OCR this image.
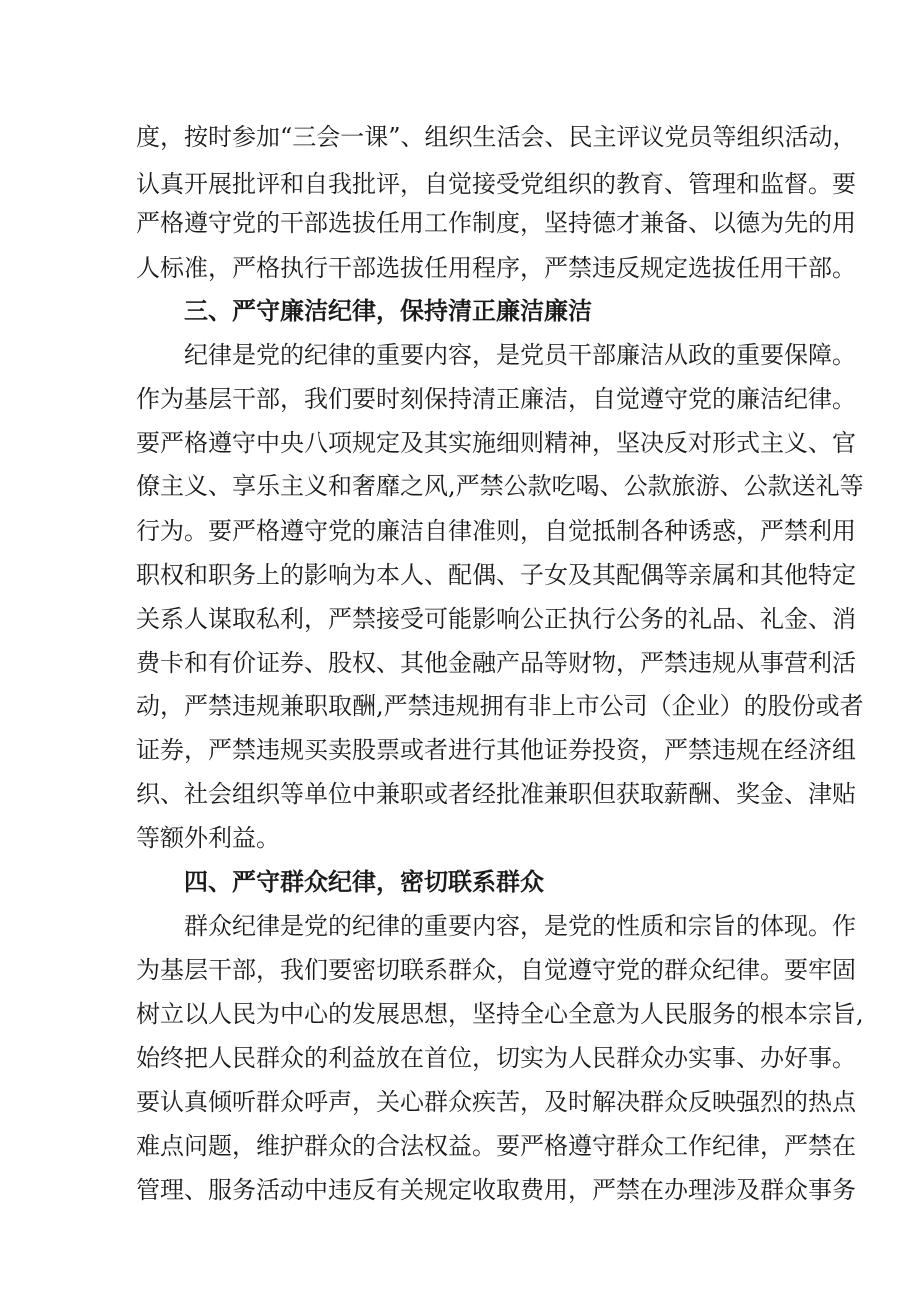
度，按时参加“三会一课”、组织生活会、民主评议党员等组织活动，
认真开展批评和自我批评，自觉接受党组织的教育、管理和监督。要
严格遵守党的干部选拔任用工作制度，坚持德才兼备、以德为先的用
人标准，严格执行干部选拔任用程序，严禁违反规定选拔任用干部。
三、严守廉洁纪律，保持清正廉洁廉洁
纪律是党的纪律的重要内容，是党员干部廉洁从政的重要保障。
作为基层干部，我们要时刻保持清正廉洁，自觉遵守党的廉洁纪律。
要严格遵守中央八项规定及其实施细则精神，坚决反对形式主义、官
僚主义、享乐主义和奢靡之风,严禁公款吃喝、公款旅游、公款送礼等
行为。要严格遵守党的廉洁自律准则，自觉抵制各种诱惑，严禁利用
职权和职务上的影响为本人、配偶、子女及其配偶等亲属和其他特定
关系人谋取私利，严禁接受可能影响公正执行公务的礼品、礼金、消
费卡和有价证券、股权、其他金融产品等财物，严禁违规从事营利活
动，严禁违规兼职取酬,严禁违规拥有非上市公司（企业）的股份或者
证券，严禁违规买卖股票或者进行其他证券投资，严禁违规在经济组
织、社会组织等单位中兼职或者经批准兼职但获取薪酬、奖金、津贴
等额外利益。
四、严守群众纪律，密切联系群众
群众纪律是党的纪律的重要内容，是党的性质和宗旨的体现。作
为基层干部，我们要密切联系群众，自觉遵守党的群众纪律。要牢固
树立以人民为中心的发展思想，坚持全心全意为人民服务的根本宗旨,
始终把人民群众的利益放在首位，切实为人民群众办实事、办好事。
要认真倾听群众呼声，关心群众疾苦，及时解决群众反映强烈的热点
难点问题，维护群众的合法权益。要严格遵守群众工作纪律，严禁在
管理、服务活动中违反有关规定收取费用，严禁在办理涉及群众事务
